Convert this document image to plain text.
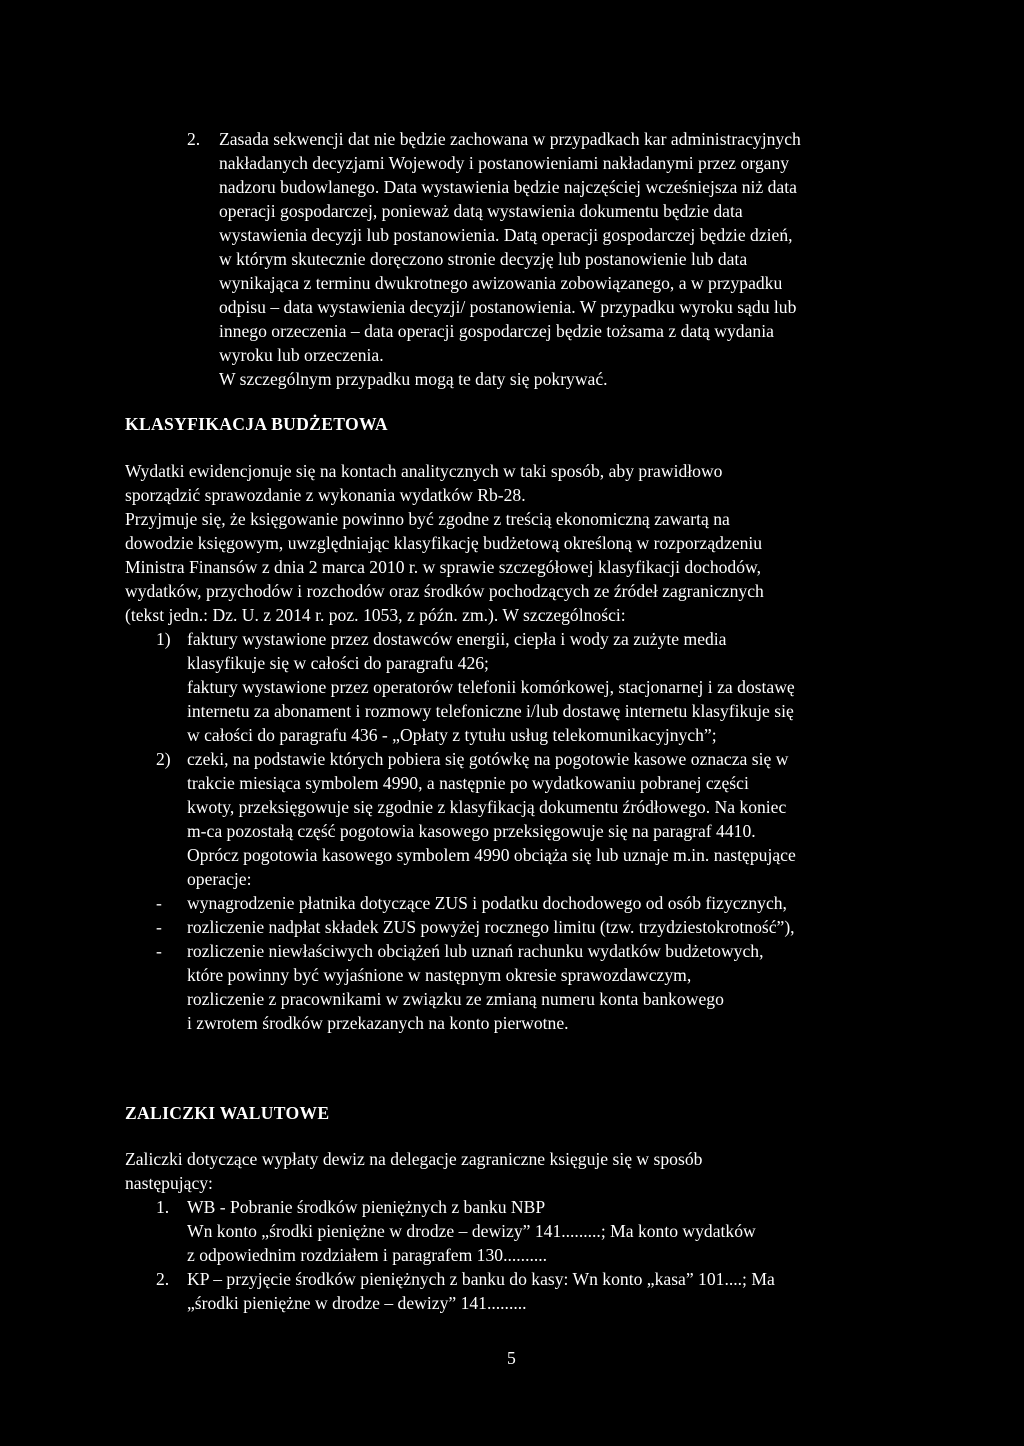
2. Zasada sekwencji dat nie będzie zachowana w przypadkach kar administracyjnych
nakładanych decyzjami Wojewody i postanowieniami nakładanymi przez organy
nadzoru budowlanego. Data wystawienia będzie najczęściej wcześniejsza niż data
operacji gospodarczej, ponieważ datą wystawienia dokumentu będzie data
wystawienia decyzji lub postanowienia. Datą operacji gospodarczej będzie dzień,
w którym skutecznie doręczono stronie decyzję lub postanowienie lub data
wynikająca z terminu dwukrotnego awizowania zobowiązanego, a w przypadku
odpisu – data wystawienia decyzji/ postanowienia. W przypadku wyroku sądu lub
innego orzeczenia – data operacji gospodarczej będzie tożsama z datą wydania
wyroku lub orzeczenia.
W szczególnym przypadku mogą te daty się pokrywać.
KLASYFIKACJA BUDŻETOWA
Wydatki ewidencjonuje się na kontach analitycznych w taki sposób, aby prawidłowo
sporządzić sprawozdanie z wykonania wydatków Rb-28.
Przyjmuje się, że księgowanie powinno być zgodne z treścią ekonomiczną zawartą na
dowodzie księgowym, uwzględniając klasyfikację budżetową określoną w rozporządzeniu
Ministra Finansów z dnia 2 marca 2010 r. w sprawie szczegółowej klasyfikacji dochodów,
wydatków, przychodów i rozchodów oraz środków pochodzących ze źródeł zagranicznych
(tekst jedn.: Dz. U. z 2014 r. poz. 1053, z późn. zm.). W szczególności:
1) faktury wystawione przez dostawców energii, ciepła i wody za zużyte media
klasyfikuje się w całości do paragrafu 426;
faktury wystawione przez operatorów telefonii komórkowej, stacjonarnej i za dostawę
internetu za abonament i rozmowy telefoniczne i/lub dostawę internetu klasyfikuje się
w całości do paragrafu 436 - „Opłaty z tytułu usług telekomunikacyjnych”;
2) czeki, na podstawie których pobiera się gotówkę na pogotowie kasowe oznacza się w
trakcie miesiąca symbolem 4990, a następnie po wydatkowaniu pobranej części
kwoty, przeksięgowuje się zgodnie z klasyfikacją dokumentu źródłowego. Na koniec
m-ca pozostałą część pogotowia kasowego przeksięgowuje się na paragraf 4410.
Oprócz pogotowia kasowego symbolem 4990 obciąża się lub uznaje m.in. następujące
operacje:
- wynagrodzenie płatnika dotyczące ZUS i podatku dochodowego od osób fizycznych,
- rozliczenie nadpłat składek ZUS powyżej rocznego limitu (tzw. trzydziestokrotność”),
- rozliczenie niewłaściwych obciążeń lub uznań rachunku wydatków budżetowych,
które powinny być wyjaśnione w następnym okresie sprawozdawczym,
rozliczenie z pracownikami w związku ze zmianą numeru konta bankowego
i zwrotem środków przekazanych na konto pierwotne.
ZALICZKI WALUTOWE
Zaliczki dotyczące wypłaty dewiz na delegacje zagraniczne księguje się w sposób
następujący:
1. WB - Pobranie środków pieniężnych z banku NBP
Wn konto „środki pieniężne w drodze – dewizy” 141.........; Ma konto wydatków
z odpowiednim rozdziałem i paragrafem 130..........
2. KP – przyjęcie środków pieniężnych z banku do kasy: Wn konto „kasa” 101....; Ma
„środki pieniężne w drodze – dewizy” 141.........
5
